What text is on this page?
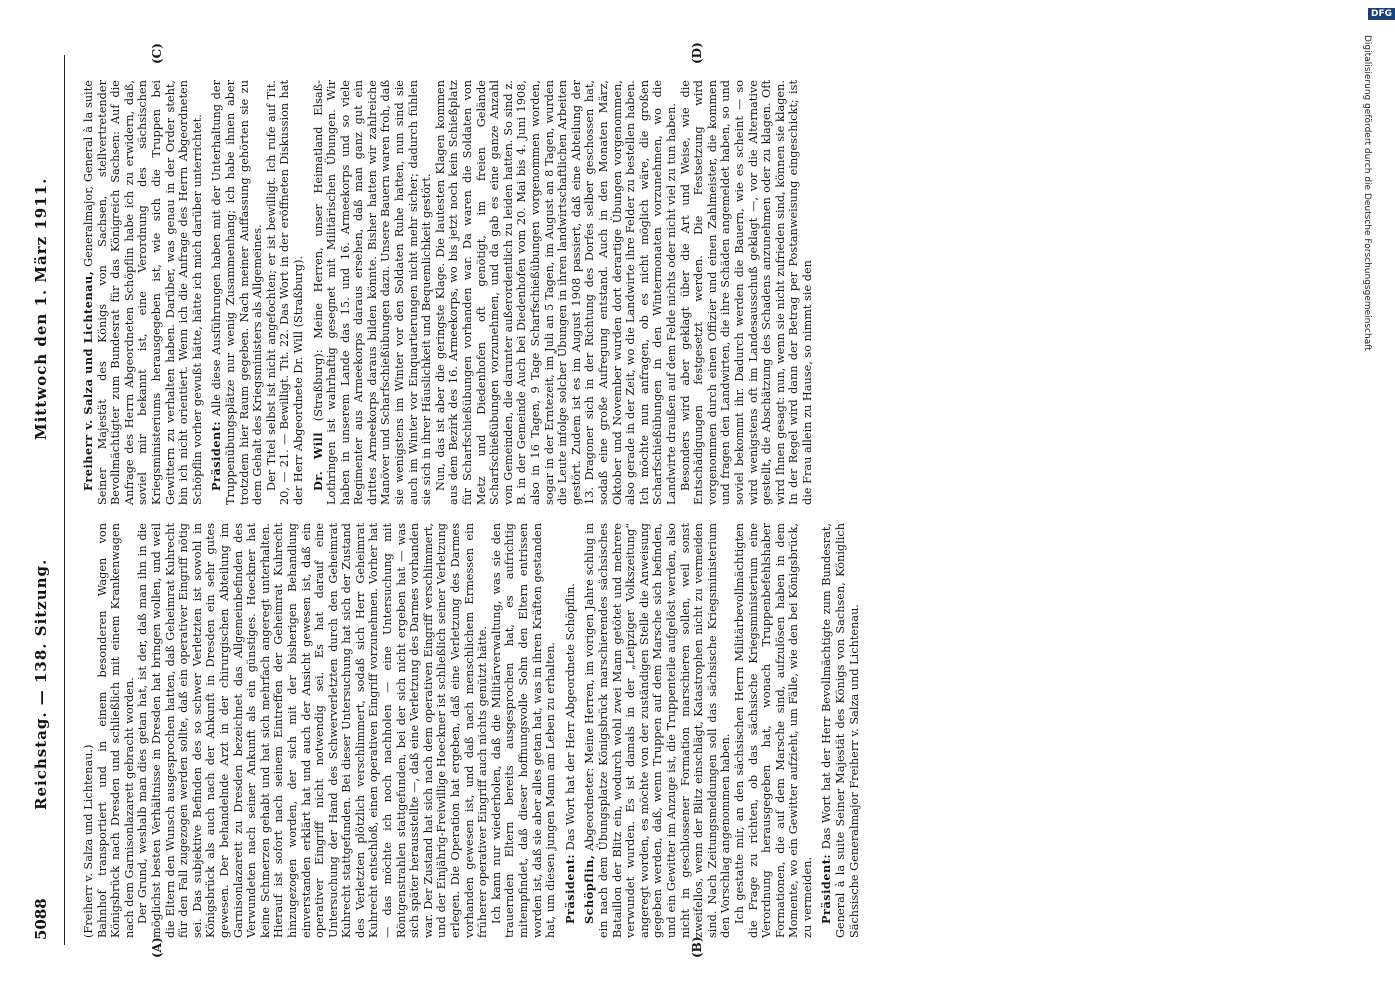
5088
Reichstag. — 138. Sitzung.
Mittwoch den 1. März 1911.
(A)	(B)
(C)	(D)

(Freiherr v. Salza und Lichtenau.) Bahnhof transportiert und in einem besonderen Wagen von Königsbrück nach Dresden und schließlich mit einem Krankenwagen nach dem Garnisonlazarett gebracht worden. Der Grund, weshalb man dies getan hat, ist der, daß man ihn in die möglichst besten Verhältnisse in Dresden hat bringen wollen, und weil die Eltern den Wunsch ausgesprochen hatten, daß Geheimrat Kuhrecht für den Fall zugezogen werden sollte, daß ein operativer Eingriff nötig sei. Das subjektive Befinden des so schwer Verletzten ist sowohl in Königsbrück als auch nach der Ankunft in Dresden ein sehr gutes gewesen. Der behandelnde Arzt in der chirurgischen Abteilung im Garnisonlazarett zu Dresden bezeichnet das Allgemeinbefinden des Verwundeten nach seiner Ankunft als ein günstiges. Hoeckner hat keine Schmerzen gehabt und hat sich mehrfach angeregt unterhalten. Hierauf ist sofort nach seinem Eintreffen der Geheimrat Kuhrecht hinzugezogen worden, der sich mit der bisherigen Behandlung einverstanden erklärt hat und auch der Ansicht gewesen ist, daß ein operativer Eingriff nicht notwendig sei. Es hat darauf eine Untersuchung der Hand des Schwerverletzten durch den Geheimrat Kuhrecht stattgefunden. Bei dieser Untersuchung hat sich der Zustand des Verletzten plötzlich verschlimmert, sodaß sich Herr Geheimrat Kuhrecht entschloß, einen operativen Eingriff vorzunehmen. Vorher hat — das möchte ich noch nachholen — eine Untersuchung mit Röntgenstrahlen stattgefunden, bei der sich nicht ergeben hat — was sich später herausstellte —, daß eine Verletzung des Darmes vorhanden war. Der Zustand hat sich nach dem operativen Eingriff verschlimmert, und der Einjährig-Freiwillige Hoeckner ist schließlich seiner Verletzung erlegen. Die Operation hat ergeben, daß eine Verletzung des Darmes vorhanden gewesen ist, und daß nach menschlichem Ermessen ein früherer operativer Eingriff auch nichts genützt hätte. Ich kann nur wiederholen, daß die Militärverwaltung, was sie den trauernden Eltern bereits ausgesprochen hat, es aufrichtig mitempfindet, daß dieser hoffnungsvolle Sohn den Eltern entrissen worden ist, daß sie aber alles getan hat, was in ihren Kräften gestanden hat, um diesen jungen Mann am Leben zu erhalten. Präsident: Das Wort hat der Herr Abgeordnete Schöpflin.

Schöpflin, Abgeordneter: Meine Herren, im vorigen Jahre schlug in ein nach dem Übungsplatze Königsbrück marschierendes sächsisches Bataillon der Blitz ein, wodurch wohl zwei Mann getötet und mehrere verwundet wurden. Es ist damals in der „Leipziger Volkszeitung“ angeregt worden, es möchte von der zuständigen Stelle die Anweisung gegeben werden, daß, wenn Truppen auf dem Marsche sich befinden, und ein Gewitter im Anzuge ist, die Truppenteile aufgelöst werden, also nicht in geschlossener Formation marschieren sollen, weil sonst zweifellos, wenn der Blitz einschlägt, Katastrophen nicht zu vermeiden sind. Nach Zeitungsmeldungen soll das sächsische Kriegsministerium den Vorschlag angenommen haben. Ich gestatte mir, an den sächsischen Herrn Militärbevollmächtigten die Frage zu richten, ob das sächsische Kriegsministerium eine Verordnung herausgegeben hat, wonach Truppenbefehlshaber Formationen, die auf dem Marsche sind, aufzulösen haben in dem Momente, wo ein Gewitter aufzieht, um Fälle, wie den bei Königsbrück, zu vermeiden. Präsident: Das Wort hat der Herr Bevollmächtigte zum Bundesrat, General à la suite Seiner Majestät des Königs von Sachsen, Königlich Sächsische Generalmajor Freiherr v. Salza und Lichtenau.

Freiherr v. Salza und Lichtenau, Generalmajor, General à la suite Seiner Majestät des Königs von Sachsen, stellvertretender Bevollmächtigter zum Bundesrat für das Königreich Sachsen: Auf die Anfrage des Herrn Abgeordneten Schöpflin habe ich zu erwidern, daß, soviel mir bekannt ist, eine Verordnung des sächsischen Kriegsministeriums herausgegeben ist, wie sich die Truppen bei Gewittern zu verhalten haben. Darüber, was genau in der Order steht, bin ich nicht orientiert. Wenn ich die Anfrage des Herrn Abgeordneten Schöpflin vorher gewußt hätte, hätte ich mich darüber unterrichtet. Präsident: Alle diese Ausführungen haben mit der Unterhaltung der Truppenübungsplätze nur wenig Zusammenhang; ich habe ihnen aber trotzdem hier Raum gegeben. Nach meiner Auffassung gehörten sie zu dem Gehalt des Kriegsministers als Allgemeines. Der Titel selbst ist nicht angefochten; er ist bewilligt. Ich rufe auf Tit. 20, — 21. — Bewilligt. Tit. 22. Das Wort in der eröffneten Diskussion hat der Herr Abgeordnete Dr. Will (Straßburg). Dr. Will (Straßburg): Meine Herren, unser Heimatland Elsaß-Lothringen ist wahrhaftig gesegnet mit Militärischen Übungen. Wir haben in unserem Lande das 15. und 16. Armeekorps und so viele Regimenter aus Armeekorps daraus ersehen, daß man ganz gut ein drittes Armeekorps daraus bilden könnte. Bisher hatten wir zahlreiche Manöver und Scharfschießübungen dazu. Unsere Bauern waren froh, daß sie wenigstens im Winter vor den Soldaten Ruhe hatten, nun sind sie auch im Winter vor Einquartierungen nicht mehr sicher; dadurch fühlen sie sich in ihrer Häuslichkeit und Bequemlichkeit gestört. Nun, das ist aber die geringste Klage. Die lautesten Klagen kommen aus dem Bezirk des 16. Armeekorps, wo bis jetzt noch kein Schießplatz für Scharfschießübungen vorhanden war. Da waren die Soldaten von Metz und Diedenhofen oft genötigt, im freien Gelände Scharfschießübungen vorzunehmen, und da gab es eine ganze Anzahl von Gemeinden, die darunter außerordentlich zu leiden hatten. So sind z. B. in der Gemeinde Auch bei Diedenhofen vom 20. Mai bis 4. Juni 1908, also in 16 Tagen, 9 Tage Scharfschießübungen vorgenommen worden, sogar in der Erntezeit, im Juli an 5 Tagen, im August an 8 Tagen, wurden die Leute infolge solcher Übungen in ihren landwirtschaftlichen Arbeiten gestört. Zudem ist es im August 1908 passiert, daß eine Abteilung der 13. Dragoner sich in der Richtung des Dorfes selber geschossen hat, sodaß eine große Aufregung entstand. Auch in den Monaten März, Oktober und November wurden dort derartige Übungen vorgenommen, also gerade in der Zeit, wo die Landwirte ihre Felder zu bestellen haben. Ich möchte nun anfragen, ob es nicht möglich wäre, die großen Scharfschießübungen in den Wintermonaten vorzunehmen, wo die Landwirte draußen auf dem Felde nichts oder nicht viel zu tun haben. Besonders wird aber geklagt über die Art und Weise, wie die Entschädigungen festgesetzt werden. Die Festsetzung wird vorgenommen durch einen Offizier und einen Zahlmeister, die kommen und fragen den Landwirten, die ihre Schäden angemeldet haben, so und soviel bekommt ihr. Dadurch werden die Bauern, wie es scheint — so wird wenigstens oft im Landesausschuß geklagt —, vor die Alternative gestellt, die Abschätzung des Schadens anzunehmen oder zu klagen. Oft wird Ihnen gesagt: nun, wenn sie nicht zufrieden sind, können sie klagen. In der Regel wird dann der Betrag per Postanweisung eingeschickt; ist die Frau allein zu Hause, so nimmt sie den

Digitalisierung gefördert durch die Deutsche Forschungsgemeinschaft
DFG
